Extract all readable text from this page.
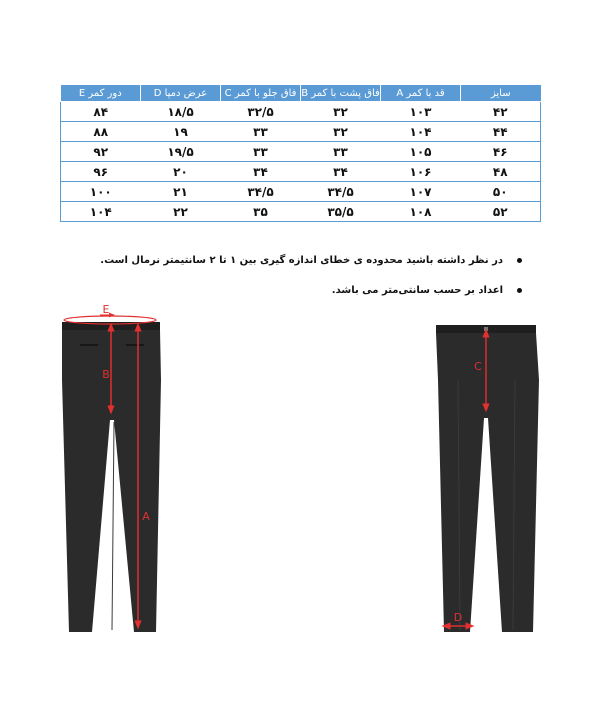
سایز	قد با کمر A	فاق پشت با کمر B	فاق جلو با کمر C	عرض دمپا D	دور کمر E
۴۲	۱۰۳	۳۲	۳۲/۵	۱۸/۵	۸۴
۴۴	۱۰۴	۳۲	۳۳	۱۹	۸۸
۴۶	۱۰۵	۳۳	۳۳	۱۹/۵	۹۲
۴۸	۱۰۶	۳۴	۳۴	۲۰	۹۶
۵۰	۱۰۷	۳۴/۵	۳۴/۵	۲۱	۱۰۰
۵۲	۱۰۸	۳۵/۵	۳۵	۲۲	۱۰۴
در نظر داشته باشید محدوده ی خطای اندازه گیری بین ۱ تا ۲ سانتیمتر نرمال است.
اعداد بر حسب سانتی‌متر می باشد.
E
B
A
C
D
